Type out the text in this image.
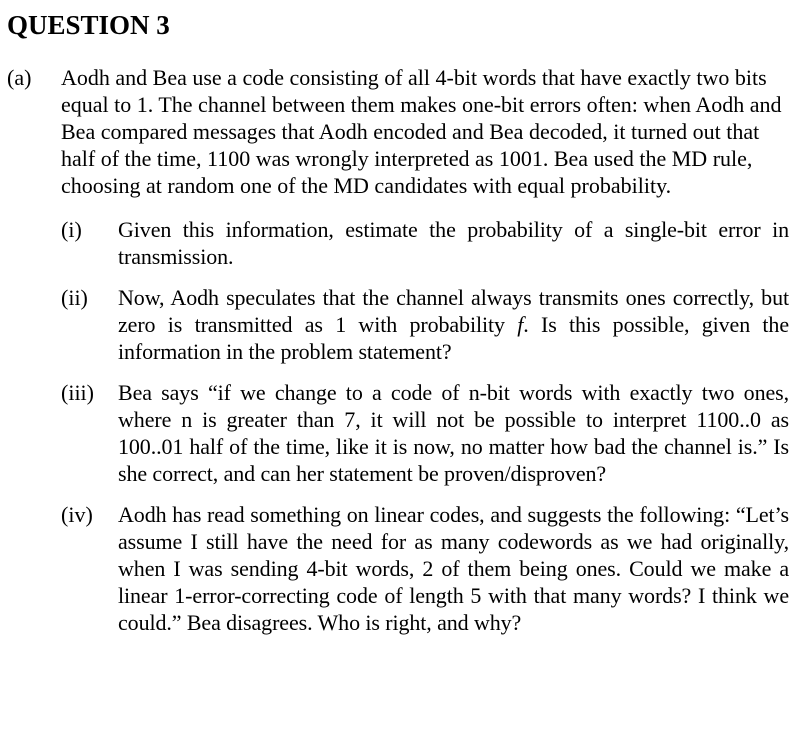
QUESTION 3
(a)	Aodh and Bea use a code consisting of all 4-bit words that have exactly two bits equal to 1. The channel between them makes one-bit errors often: when Aodh and Bea compared messages that Aodh encoded and Bea decoded, it turned out that half of the time, 1100 was wrongly interpreted as 1001. Bea used the MD rule, choosing at random one of the MD candidates with equal probability.

(i)	Given this information, estimate the probability of a single-bit error in transmission.

(ii)	Now, Aodh speculates that the channel always transmits ones correctly, but zero is transmitted as 1 with probability f. Is this possible, given the information in the problem statement?

(iii)	Bea says “if we change to a code of n-bit words with exactly two ones, where n is greater than 7, it will not be possible to interpret 1100..0 as 100..01 half of the time, like it is now, no matter how bad the channel is.” Is she correct, and can her statement be proven/disproven?

(iv)	Aodh has read something on linear codes, and suggests the following: “Let’s assume I still have the need for as many codewords as we had originally, when I was sending 4-bit words, 2 of them being ones. Could we make a linear 1-error-correcting code of length 5 with that many words? I think we could.” Bea disagrees. Who is right, and why?
